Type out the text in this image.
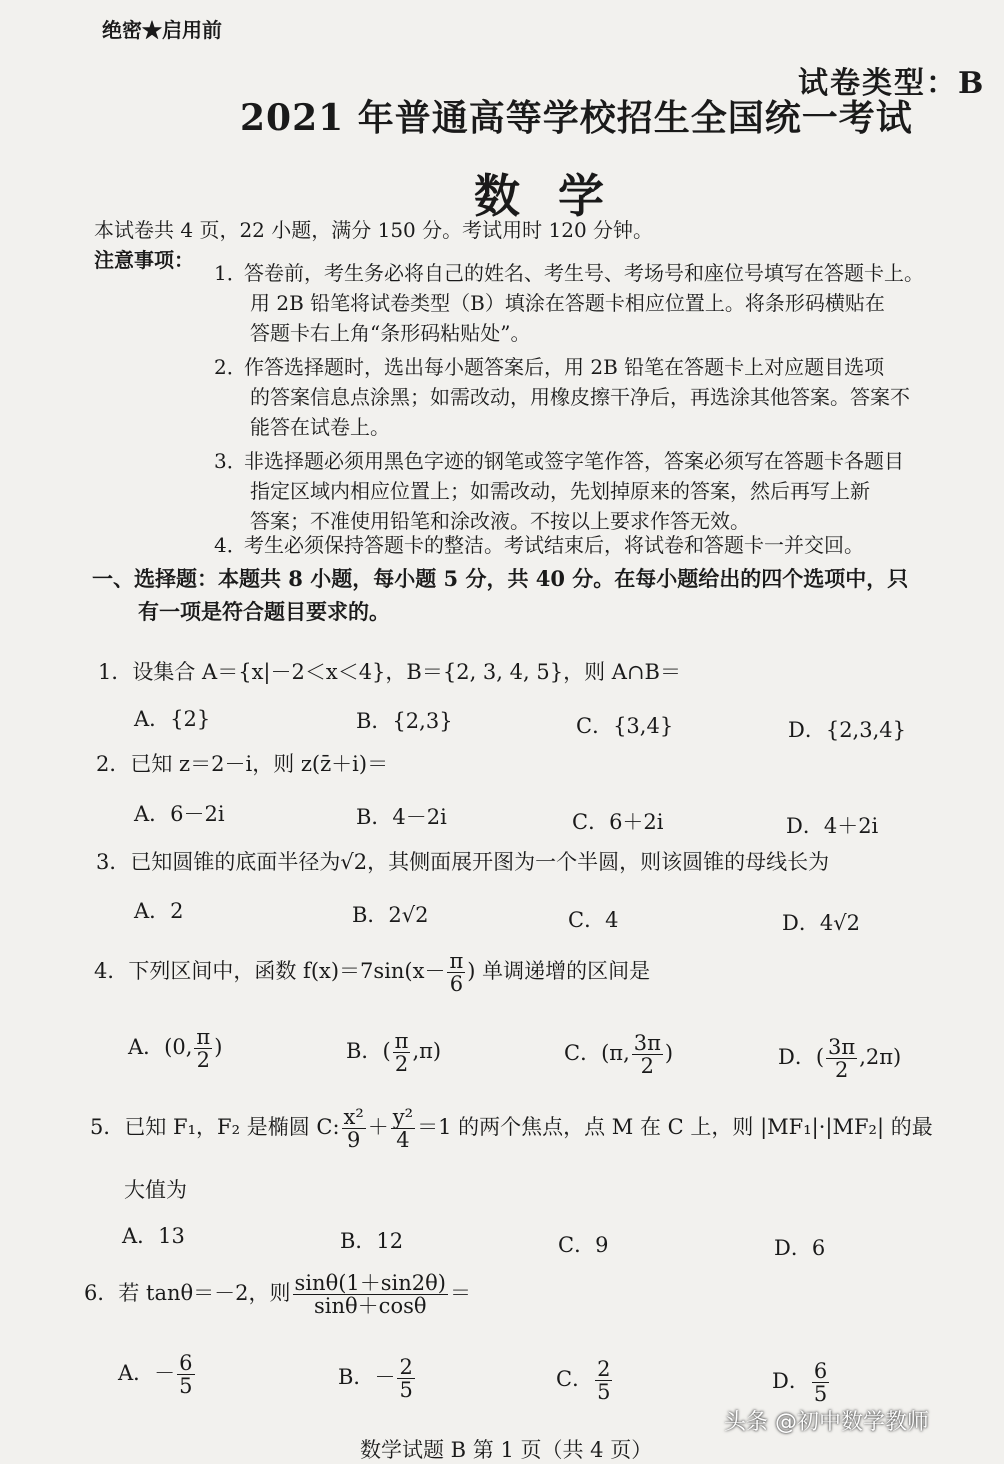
绝密★启用前
试卷类型：B
2021 年普通高等学校招生全国统一考试
数学
本试卷共 4 页，22 小题，满分 150 分。考试用时 120 分钟。
注意事项：
1．答卷前，考生务必将自己的姓名、考生号、考场号和座位号填写在答题卡上。
用 2B 铅笔将试卷类型（B）填涂在答题卡相应位置上。将条形码横贴在
答题卡右上角“条形码粘贴处”。
2．作答选择题时，选出每小题答案后，用 2B 铅笔在答题卡上对应题目选项
的答案信息点涂黑；如需改动，用橡皮擦干净后，再选涂其他答案。答案不
能答在试卷上。
3．非选择题必须用黑色字迹的钢笔或签字笔作答，答案必须写在答题卡各题目
指定区域内相应位置上；如需改动，先划掉原来的答案，然后再写上新
答案；不准使用铅笔和涂改液。不按以上要求作答无效。
4．考生必须保持答题卡的整洁。考试结束后，将试卷和答题卡一并交回。
一、选择题：本题共 8 小题，每小题 5 分，共 40 分。在每小题给出的四个选项中，只
有一项是符合题目要求的。
1．设集合 A＝{x|－2＜x＜4}，B＝{2, 3, 4, 5}，则 A∩B＝
A．{2}	B．{2,3}	C．{3,4}	D．{2,3,4}
2．已知 z＝2－i，则 z(z̄＋i)＝
A．6－2i	B．4－2i	C．6＋2i	D．4＋2i
3．已知圆锥的底面半径为√2，其侧面展开图为一个半圆，则该圆锥的母线长为
A．2	B．2√2	C．4	D．4√2
4．下列区间中，函数 $f(x)=7\sin(x- \frac{\pi}{6}$ ) 单调递增的区间是
A．(0, $\frac{\pi}{2}$ )	B．( $\frac{\pi}{2} ,\pi$)	C．(π, $\frac{3\pi}{2}$ )	D．( $\frac{3\pi}{2} ,2\pi$)
5．已知 F₁，F₂ 是椭圆 C: $\frac{\text{x²}}{9} + \frac{\text{y²}}{4} =1$ 的两个焦点，点 M 在 C 上，则 |MF₁|·|MF₂| 的最
大值为
A．13	B．12	C．9	D．6
6．若 tanθ＝－2，则 $\frac{\sin\theta(1+\sin 2\theta)}{\sin\theta+\cos\theta}$ ＝
A．－ $\frac{6}{5}$	B．－ $\frac{2}{5}$	C． $\frac{2}{5}$	D． $\frac{6}{5}$
头条 @初中数学教师
数学试题 B 第 1 页（共 4 页）
